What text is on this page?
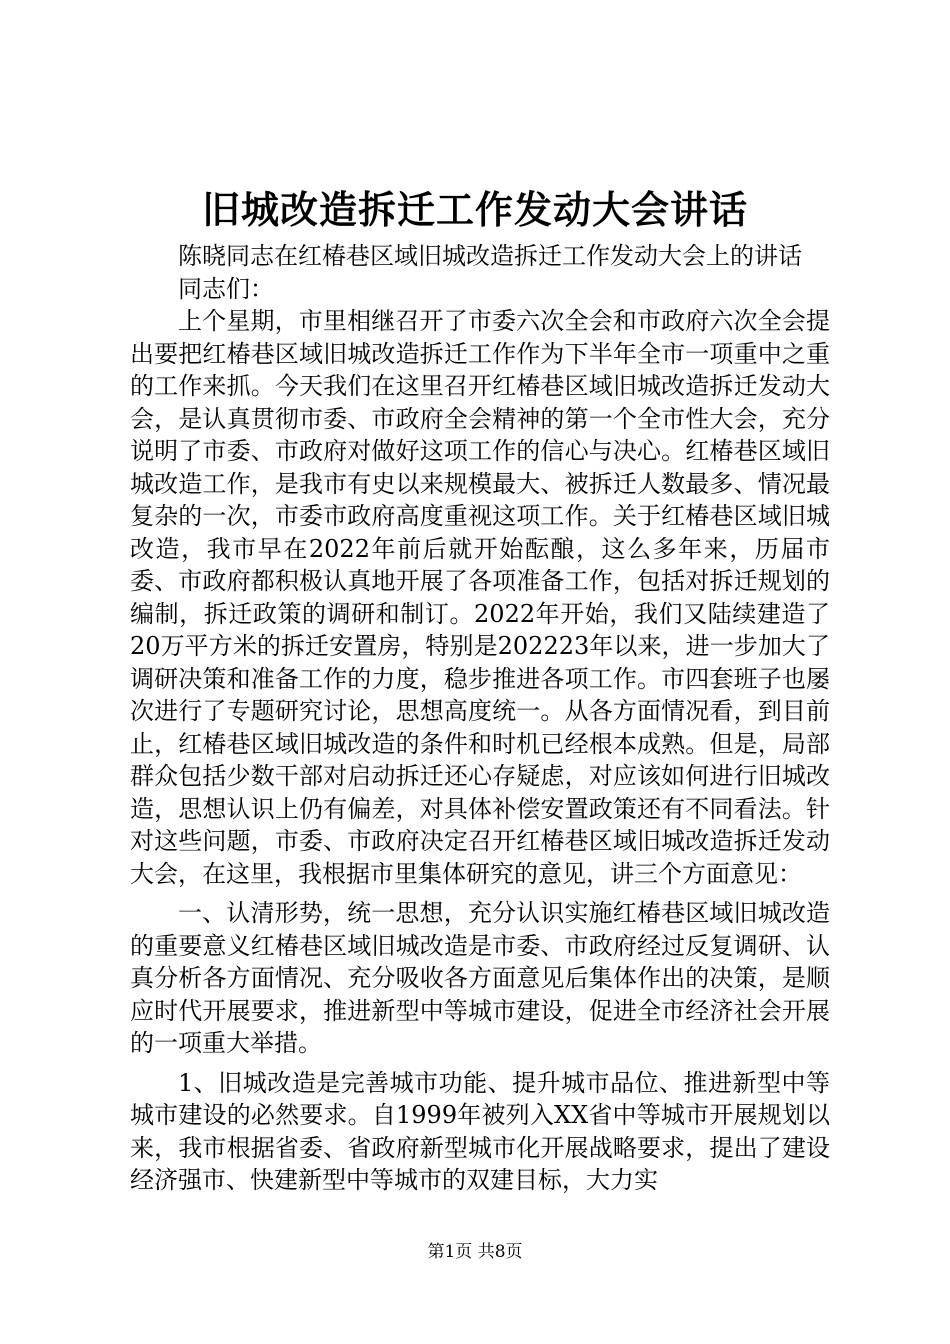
旧城改造拆迁工作发动大会讲话

陈晓同志在红椿巷区域旧城改造拆迁工作发动大会上的讲话

同志们：

上个星期，市里相继召开了市委六次全会和市政府六次全会提出要把红椿巷区域旧城改造拆迁工作作为下半年全市一项重中之重的工作来抓。今天我们在这里召开红椿巷区域旧城改造拆迁发动大会，是认真贯彻市委、市政府全会精神的第一个全市性大会，充分说明了市委、市政府对做好这项工作的信心与决心。红椿巷区域旧城改造工作，是我市有史以来规模最大、被拆迁人数最多、情况最复杂的一次，市委市政府高度重视这项工作。关于红椿巷区域旧城改造，我市早在2022年前后就开始酝酿，这么多年来，历届市委、市政府都积极认真地开展了各项准备工作，包括对拆迁规划的编制，拆迁政策的调研和制订。2022年开始，我们又陆续建造了20万平方米的拆迁安置房，特别是202223年以来，进一步加大了调研决策和准备工作的力度，稳步推进各项工作。市四套班子也屡次进行了专题研究讨论，思想高度统一。从各方面情况看，到目前止，红椿巷区域旧城改造的条件和时机已经根本成熟。但是，局部群众包括少数干部对启动拆迁还心存疑虑，对应该如何进行旧城改造，思想认识上仍有偏差，对具体补偿安置政策还有不同看法。针对这些问题，市委、市政府决定召开红椿巷区域旧城改造拆迁发动大会，在这里，我根据市里集体研究的意见，讲三个方面意见：

一、认清形势，统一思想，充分认识实施红椿巷区域旧城改造的重要意义红椿巷区域旧城改造是市委、市政府经过反复调研、认真分析各方面情况、充分吸收各方面意见后集体作出的决策，是顺应时代开展要求，推进新型中等城市建设，促进全市经济社会开展的一项重大举措。

1、旧城改造是完善城市功能、提升城市品位、推进新型中等城市建设的必然要求。自1999年被列入XX省中等城市开展规划以来，我市根据省委、省政府新型城市化开展战略要求，提出了建设经济强市、快建新型中等城市的双建目标，大力实

第1页 共8页
